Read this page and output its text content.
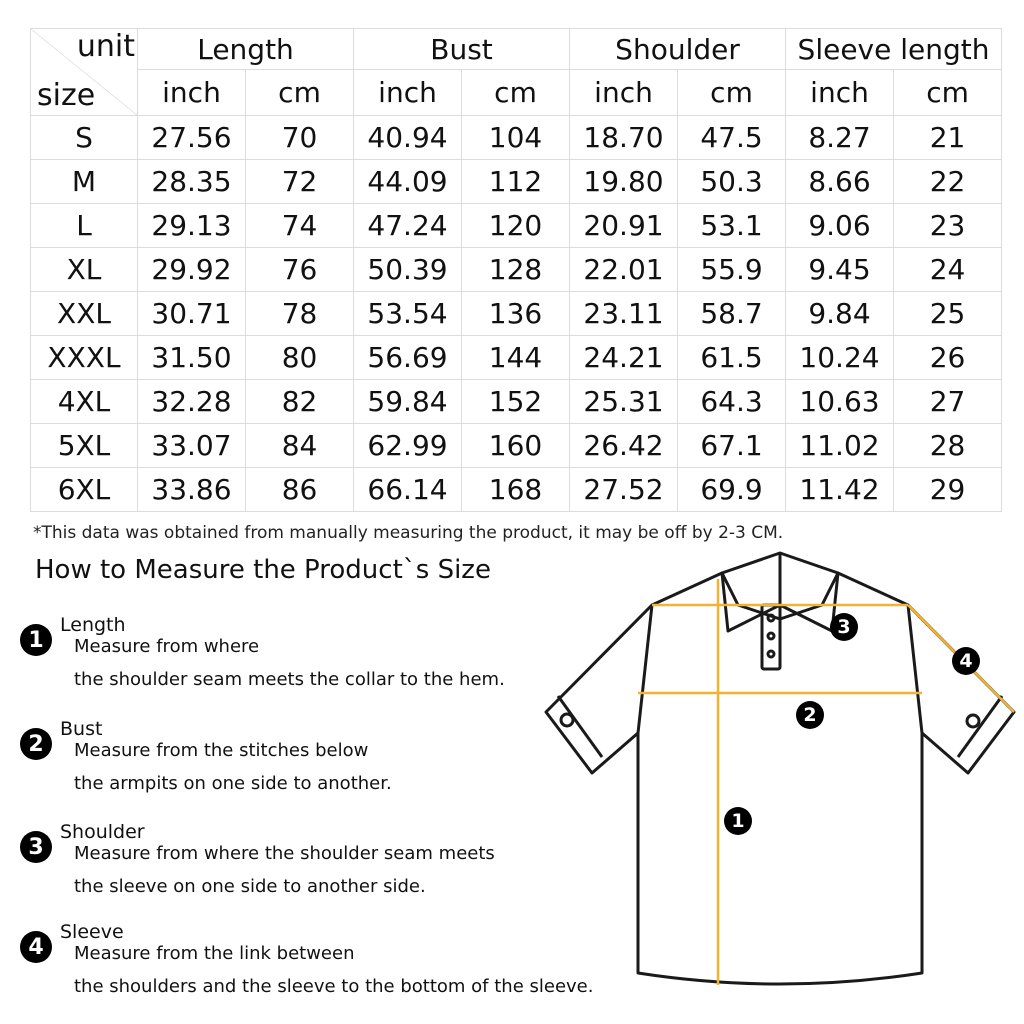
unit
size	Length		Bust		Shoulder		Sleeve length	
	inch	cm	inch	cm	inch	cm	inch	cm
S	27.56	70	40.94	104	18.70	47.5	8.27	21
M	28.35	72	44.09	112	19.80	50.3	8.66	22
L	29.13	74	47.24	120	20.91	53.1	9.06	23
XL	29.92	76	50.39	128	22.01	55.9	9.45	24
XXL	30.71	78	53.54	136	23.11	58.7	9.84	25
XXXL	31.50	80	56.69	144	24.21	61.5	10.24	26
4XL	32.28	82	59.84	152	25.31	64.3	10.63	27
5XL	33.07	84	62.99	160	26.42	67.1	11.02	28
6XL	33.86	86	66.14	168	27.52	69.9	11.42	29
*This data was obtained from manually measuring the product, it may be off by 2-3 CM.
How to Measure the Product`s Size
1
Length
Measure from where
the shoulder seam meets the collar to the hem.
2
Bust
Measure from the stitches below
the armpits on one side to another.
3
Shoulder
Measure from where the shoulder seam meets
the sleeve on one side to another side.
4
Sleeve
Measure from the link between
the shoulders and the sleeve to the bottom of the sleeve.
1
2
3
4
